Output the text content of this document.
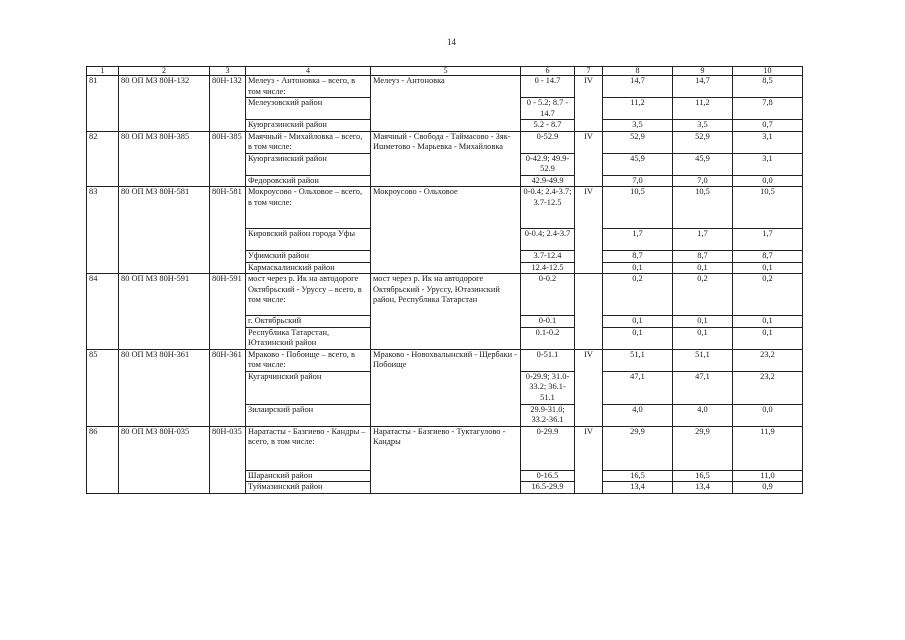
14
1	2	3	4	5	6	7	8	9	10
81	80 ОП МЗ 80Н-132	80Н-132	Мелеуз - Антоновка – всего, в том числе:	Мелеуз - Антоновка	0 - 14.7	IV	14,7	14,7	8,5
			Мелеузовский район		0 - 5.2; 8.7 - 14.7		11,2	11,2	7,8
			Куюргазинский район		5.2 - 8.7		3,5	3,5	0,7
82	80 ОП МЗ 80Н-385	80Н-385	Маячный - Михайловка – всего, в том числе:	Маячный - Свобода - Таймасово - Зяк-Ишметово - Марьевка - Михайловка	0-52.9	IV	52,9	52,9	3,1
			Куюргазинский район		0-42.9; 49.9-52.9		45,9	45,9	3,1
			Федоровский район		42.9-49.9		7,0	7,0	0,0
83	80 ОП МЗ 80Н-581	80Н-581	Мокроусово - Ольховое – всего, в том числе:	Мокроусово - Ольховое	0-0.4; 2.4-3.7; 3.7-12.5	IV	10,5	10,5	10,5
			Кировский район города Уфы		0-0.4; 2.4-3.7		1,7	1,7	1,7
			Уфимский район		3.7-12.4		8,7	8,7	8,7
			Кармаскалинский район		12.4-12.5		0,1	0,1	0,1
84	80 ОП МЗ 80Н-591	80Н-591	мост через р. Ик на автодороге Октябрьский - Уруссу – всего, в том числе:	мост через р. Ик на автодороге Октябрьский - Уруссу, Ютазинский район, Республика Татарстан	0-0.2		0,2	0,2	0,2
			г. Октябрьский		0-0.1		0,1	0,1	0,1
			Республика Татарстан, Ютазинский район		0.1-0.2		0,1	0,1	0,1
85	80 ОП МЗ 80Н-361	80Н-361	Мраково - Побоище – всего, в том числе:	Мраково - Новохвалынский - Щербаки - Побоище	0-51.1	IV	51,1	51,1	23,2
			Кугарчинский район		0-29.9; 31.0-33.2; 36.1-51.1		47,1	47,1	23,2
			Зилаирский район		29.9-31.0; 33.2-36.1		4,0	4,0	0,0
86	80 ОП МЗ 80Н-035	80Н-035	Наратасты - Базгиево - Кандры – всего, в том числе:	Наратасты - Базгиево - Туктагулово - Кандры	0-29.9	IV	29,9	29,9	11,9
			Шаранский район		0-16.5		16,5	16,5	11,0
			Туймазинский район		16.5-29.9		13,4	13,4	0,9
